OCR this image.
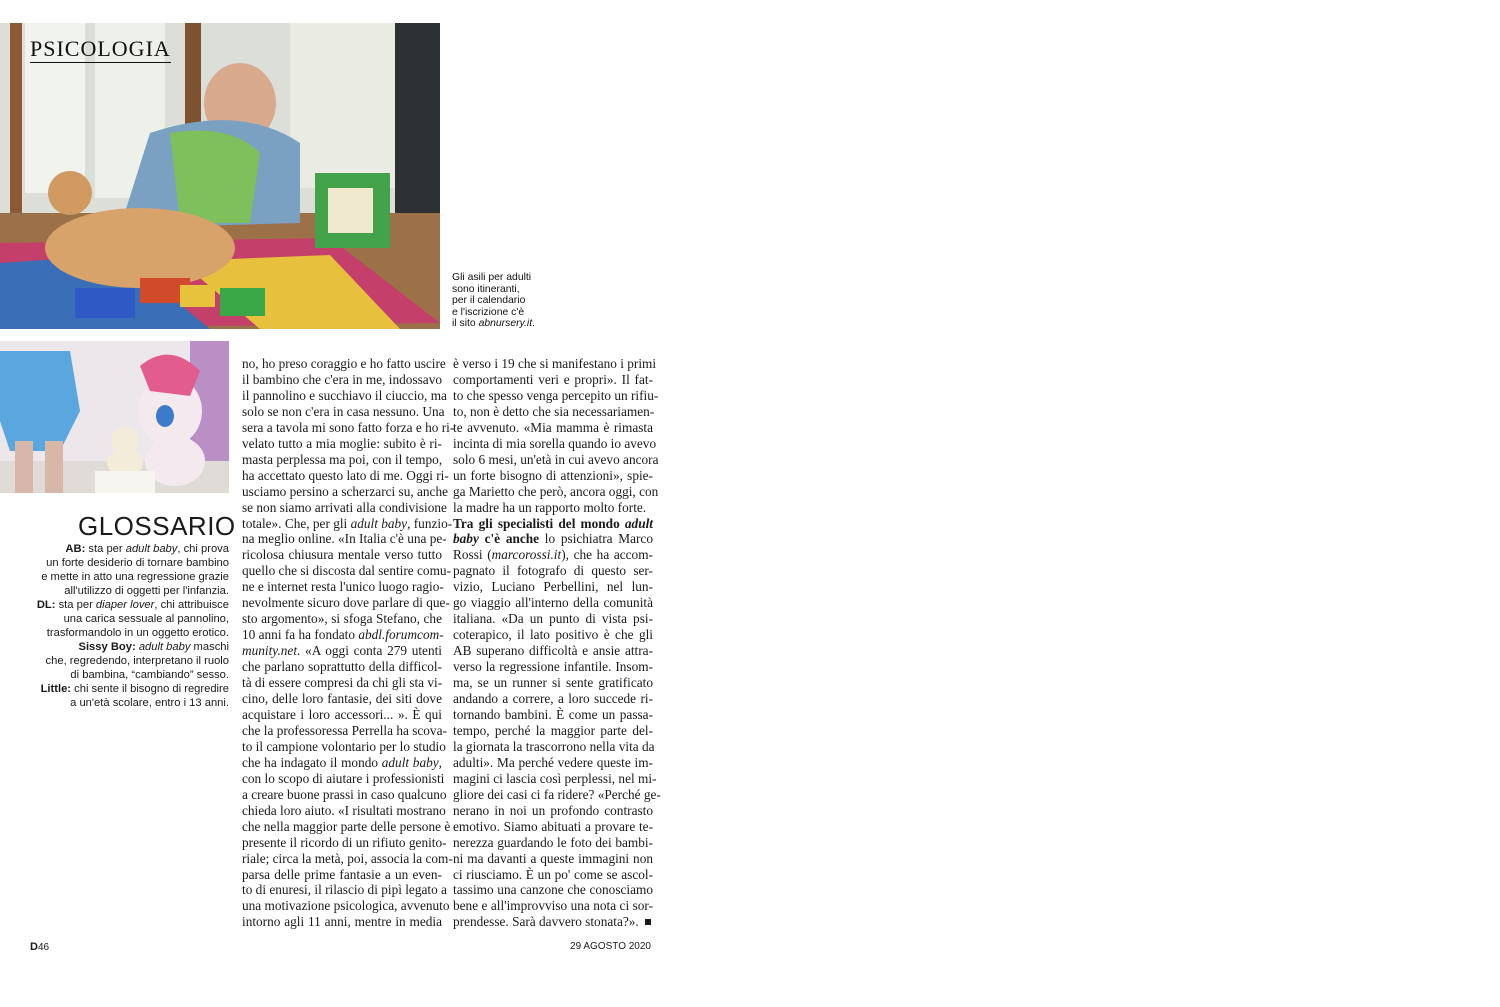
PSICOLOGIA
Gli asili per adulti
sono itineranti,
per il calendario
e l'iscrizione c'è
il sito abnursery.it.
GLOSSARIO
AB: sta per adult baby, chi prova
un forte desiderio di tornare bambino
e mette in atto una regressione grazie
all'utilizzo di oggetti per l'infanzia.
DL: sta per diaper lover, chi attribuisce
una carica sessuale al pannolino,
trasformandolo in un oggetto erotico.
Sissy Boy: adult baby maschi
che, regredendo, interpretano il ruolo
di bambina, “cambiando” sesso.
Little: chi sente il bisogno di regredire
a un'età scolare, entro i 13 anni.
no, ho preso coraggio e ho fatto uscire
il bambino che c'era in me, indossavo
il pannolino e succhiavo il ciuccio, ma
solo se non c'era in casa nessuno. Una
sera a tavola mi sono fatto forza e ho ri-
velato tutto a mia moglie: subito è ri-
masta perplessa ma poi, con il tempo,
ha accettato questo lato di me. Oggi ri-
usciamo persino a scherzarci su, anche
se non siamo arrivati alla condivisione
totale». Che, per gli adult baby, funzio-
na meglio online. «In Italia c'è una pe-
ricolosa chiusura mentale verso tutto
quello che si discosta dal sentire comu-
ne e internet resta l'unico luogo ragio-
nevolmente sicuro dove parlare di que-
sto argomento», si sfoga Stefano, che
10 anni fa ha fondato abdl.forumcom-
munity.net. «A oggi conta 279 utenti
che parlano soprattutto della difficol-
tà di essere compresi da chi gli sta vi-
cino, delle loro fantasie, dei siti dove
acquistare i loro accessori... ». È qui
che la professoressa Perrella ha scova-
to il campione volontario per lo studio
che ha indagato il mondo adult baby,
con lo scopo di aiutare i professionisti
a creare buone prassi in caso qualcuno
chieda loro aiuto. «I risultati mostrano
che nella maggior parte delle persone è
presente il ricordo di un rifiuto genito-
riale; circa la metà, poi, associa la com-
parsa delle prime fantasie a un even-
to di enuresi, il rilascio di pipì legato a
una motivazione psicologica, avvenuto
intorno agli 11 anni, mentre in media
è verso i 19 che si manifestano i primi
comportamenti veri e propri». Il fat-
to che spesso venga percepito un rifiu-
to, non è detto che sia necessariamen-
te avvenuto. «Mia mamma è rimasta
incinta di mia sorella quando io avevo
solo 6 mesi, un'età in cui avevo ancora
un forte bisogno di attenzioni», spie-
ga Marietto che però, ancora oggi, con
la madre ha un rapporto molto forte.
Tra gli specialisti del mondo adult
baby c'è anche lo psichiatra Marco
Rossi (marcorossi.it), che ha accom-
pagnato il fotografo di questo ser-
vizio, Luciano Perbellini, nel lun-
go viaggio all'interno della comunità
italiana. «Da un punto di vista psi-
coterapico, il lato positivo è che gli
AB superano difficoltà e ansie attra-
verso la regressione infantile. Insom-
ma, se un runner si sente gratificato
andando a correre, a loro succede ri-
tornando bambini. È come un passa-
tempo, perché la maggior parte del-
la giornata la trascorrono nella vita da
adulti». Ma perché vedere queste im-
magini ci lascia così perplessi, nel mi-
gliore dei casi ci fa ridere? «Perché ge-
nerano in noi un profondo contrasto
emotivo. Siamo abituati a provare te-
nerezza guardando le foto dei bambi-
ni ma davanti a queste immagini non
ci riusciamo. È un po' come se ascol-
tassimo una canzone che conosciamo
bene e all'improvviso una nota ci sor-
prendesse. Sarà davvero stonata?».
D46	29 AGOSTO 2020
